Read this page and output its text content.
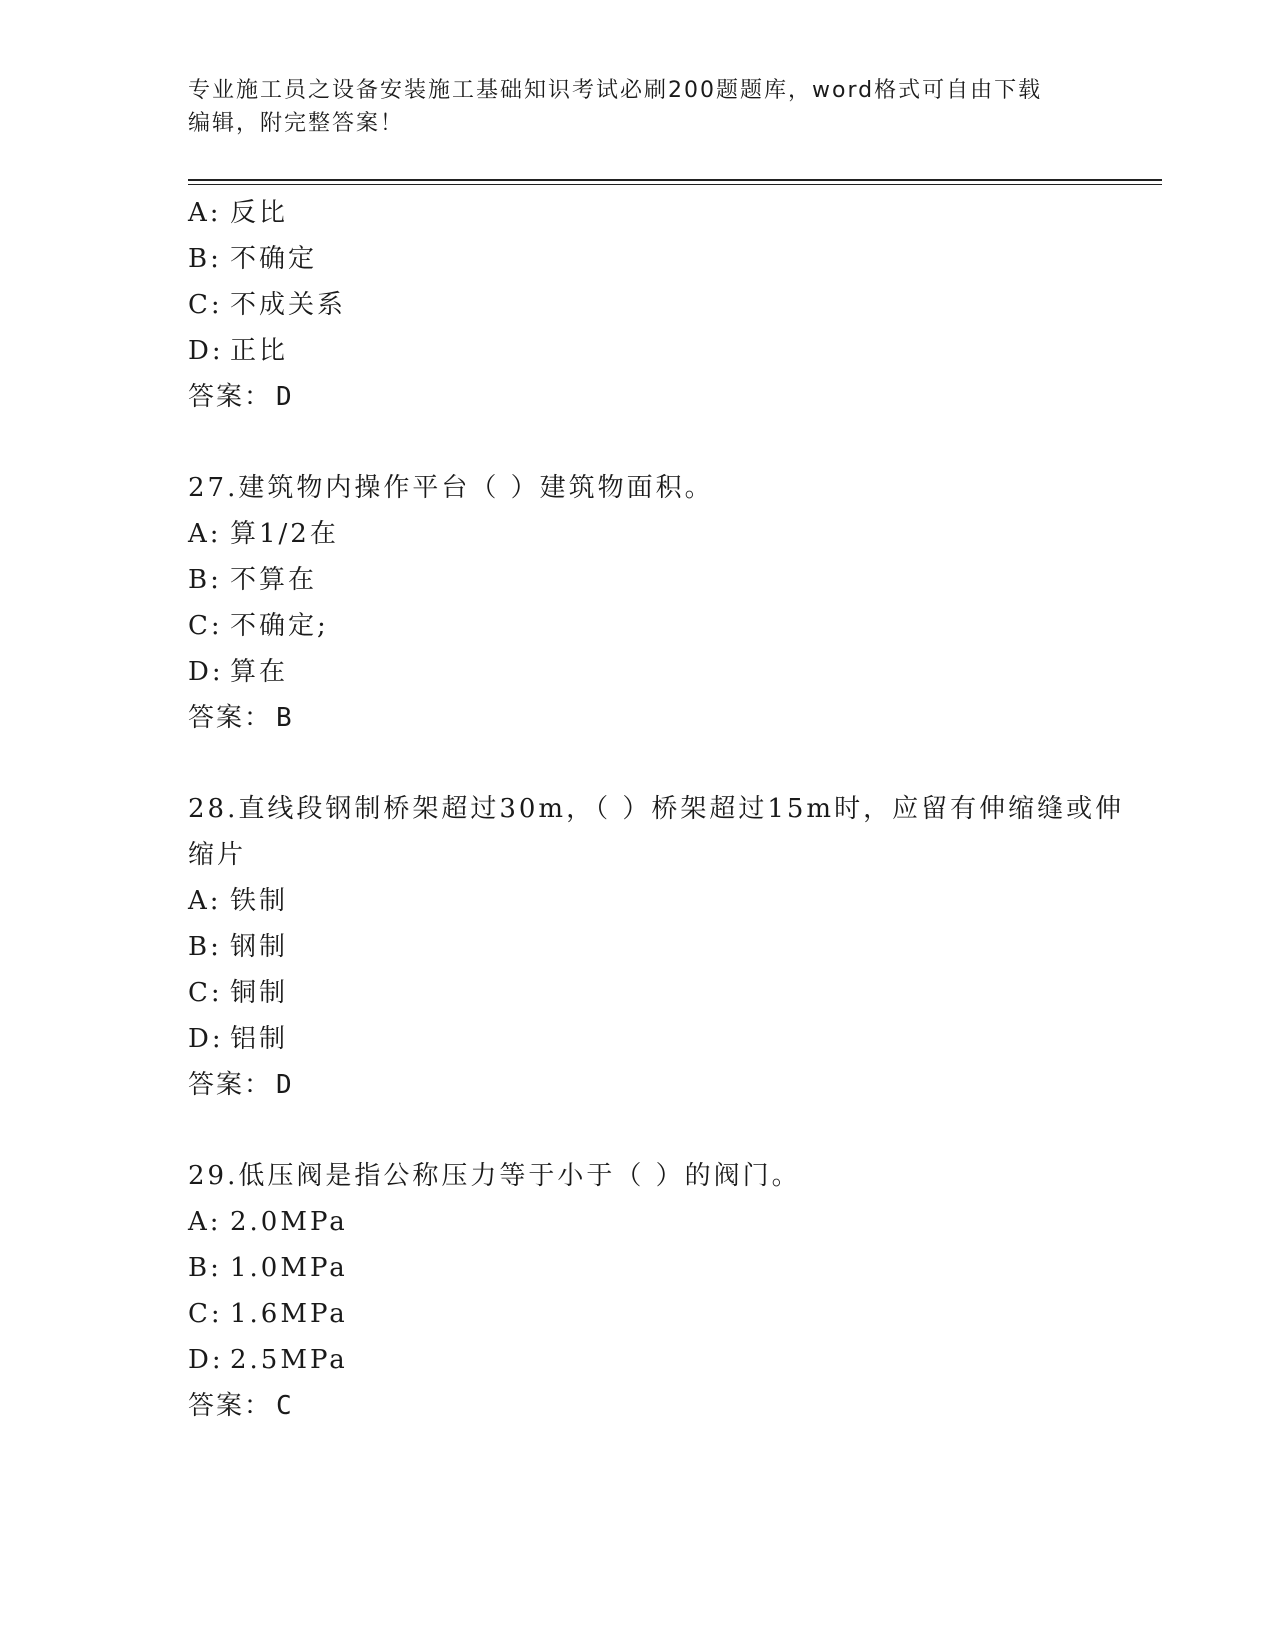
专业施工员之设备安装施工基础知识考试必刷200题题库，word格式可自由下载
编辑，附完整答案！
A: 反比
B: 不确定
C: 不成关系
D: 正比
答案： D
27.建筑物内操作平台（ ）建筑物面积。
A: 算1/2在
B: 不算在
C: 不确定;
D: 算在
答案： B
28.直线段钢制桥架超过30m，（ ）桥架超过15m时，应留有伸缩缝或伸缩片
A: 铁制
B: 钢制
C: 铜制
D: 铝制
答案： D
29.低压阀是指公称压力等于小于（ ）的阀门。
A: 2.0MPa
B: 1.0MPa
C: 1.6MPa
D: 2.5MPa
答案： C
